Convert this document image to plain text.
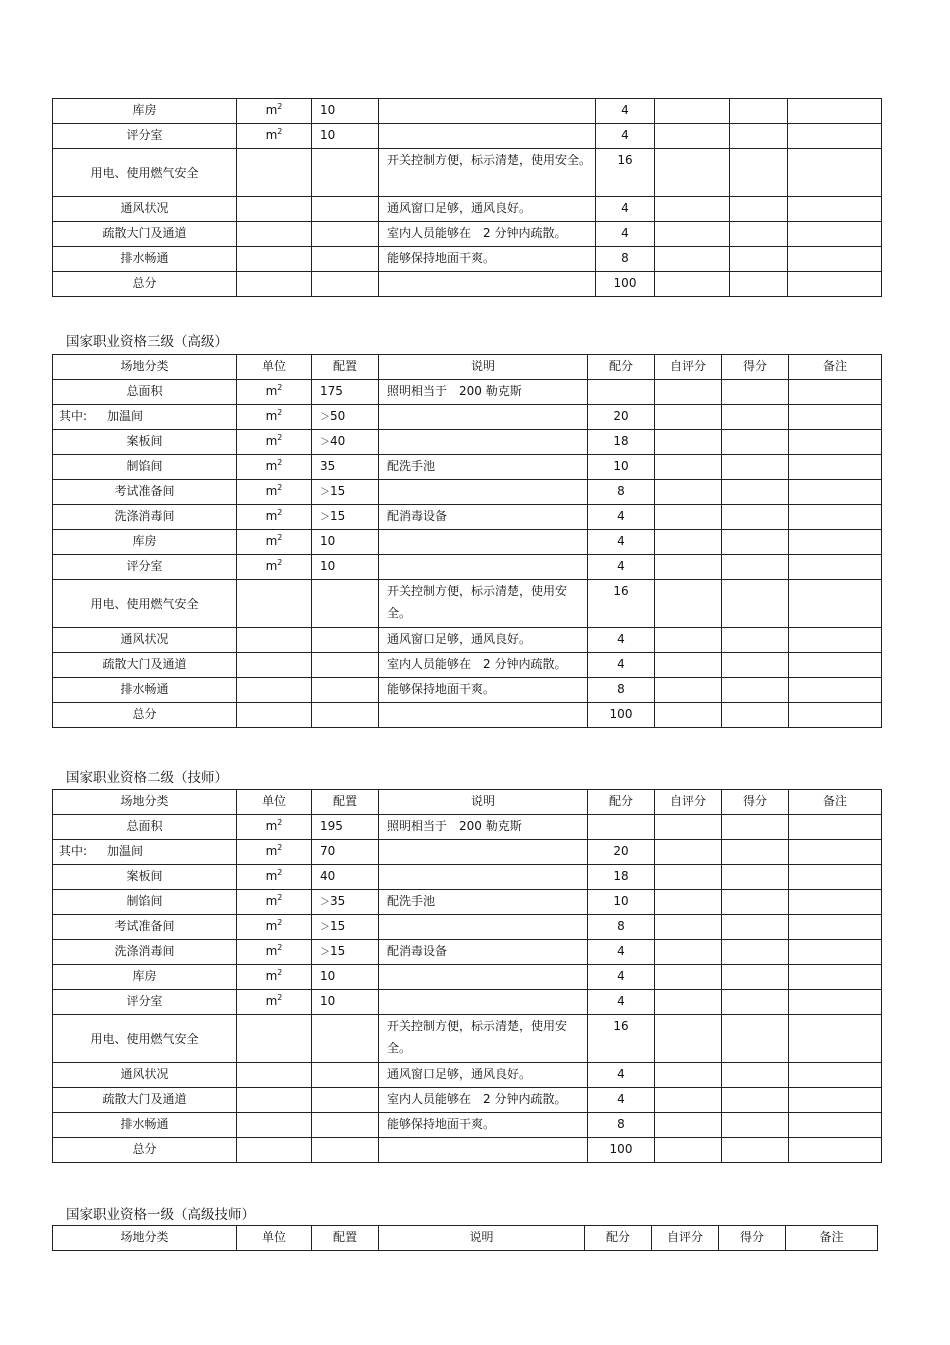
库房	$m^2$	10		4			
评分室	$m^2$	10		4			
用电、使用燃气安全			开关控制方便，标示清楚，使用安全。	16			
通风状况			通风窗口足够，通风良好。	4			
疏散大门及通道			室内人员能够在　2 分钟内疏散。	4			
排水畅通			能够保持地面干爽。	8			
总分				100			
国家职业资格三级（高级）
场地分类	单位	配置	说明	配分	自评分	得分	备注
总面积	$m^2$	175	照明相当于　200 勒克斯				
其中: 加温间	$m^2$	＞50		20			
案板间	$m^2$	＞40		18			
制馅间	$m^2$	35	配洗手池	10			
考试准备间	$m^2$	＞15		8			
洗涤消毒间	$m^2$	＞15	配消毒设备	4			
库房	$m^2$	10		4			
评分室	$m^2$	10		4			
用电、使用燃气安全			开关控制方便，标示清楚，使用安全。	16			
通风状况			通风窗口足够，通风良好。	4			
疏散大门及通道			室内人员能够在　2 分钟内疏散。	4			
排水畅通			能够保持地面干爽。	8			
总分				100			
国家职业资格二级（技师）
场地分类	单位	配置	说明	配分	自评分	得分	备注
总面积	$m^2$	195	照明相当于　200 勒克斯				
其中: 加温间	$m^2$	70		20			
案板间	$m^2$	40		18			
制馅间	$m^2$	＞35	配洗手池	10			
考试准备间	$m^2$	＞15		8			
洗涤消毒间	$m^2$	＞15	配消毒设备	4			
库房	$m^2$	10		4			
评分室	$m^2$	10		4			
用电、使用燃气安全			开关控制方便，标示清楚，使用安全。	16			
通风状况			通风窗口足够，通风良好。	4			
疏散大门及通道			室内人员能够在　2 分钟内疏散。	4			
排水畅通			能够保持地面干爽。	8			
总分				100			
国家职业资格一级（高级技师）
场地分类	单位	配置	说明	配分	自评分	得分	备注
